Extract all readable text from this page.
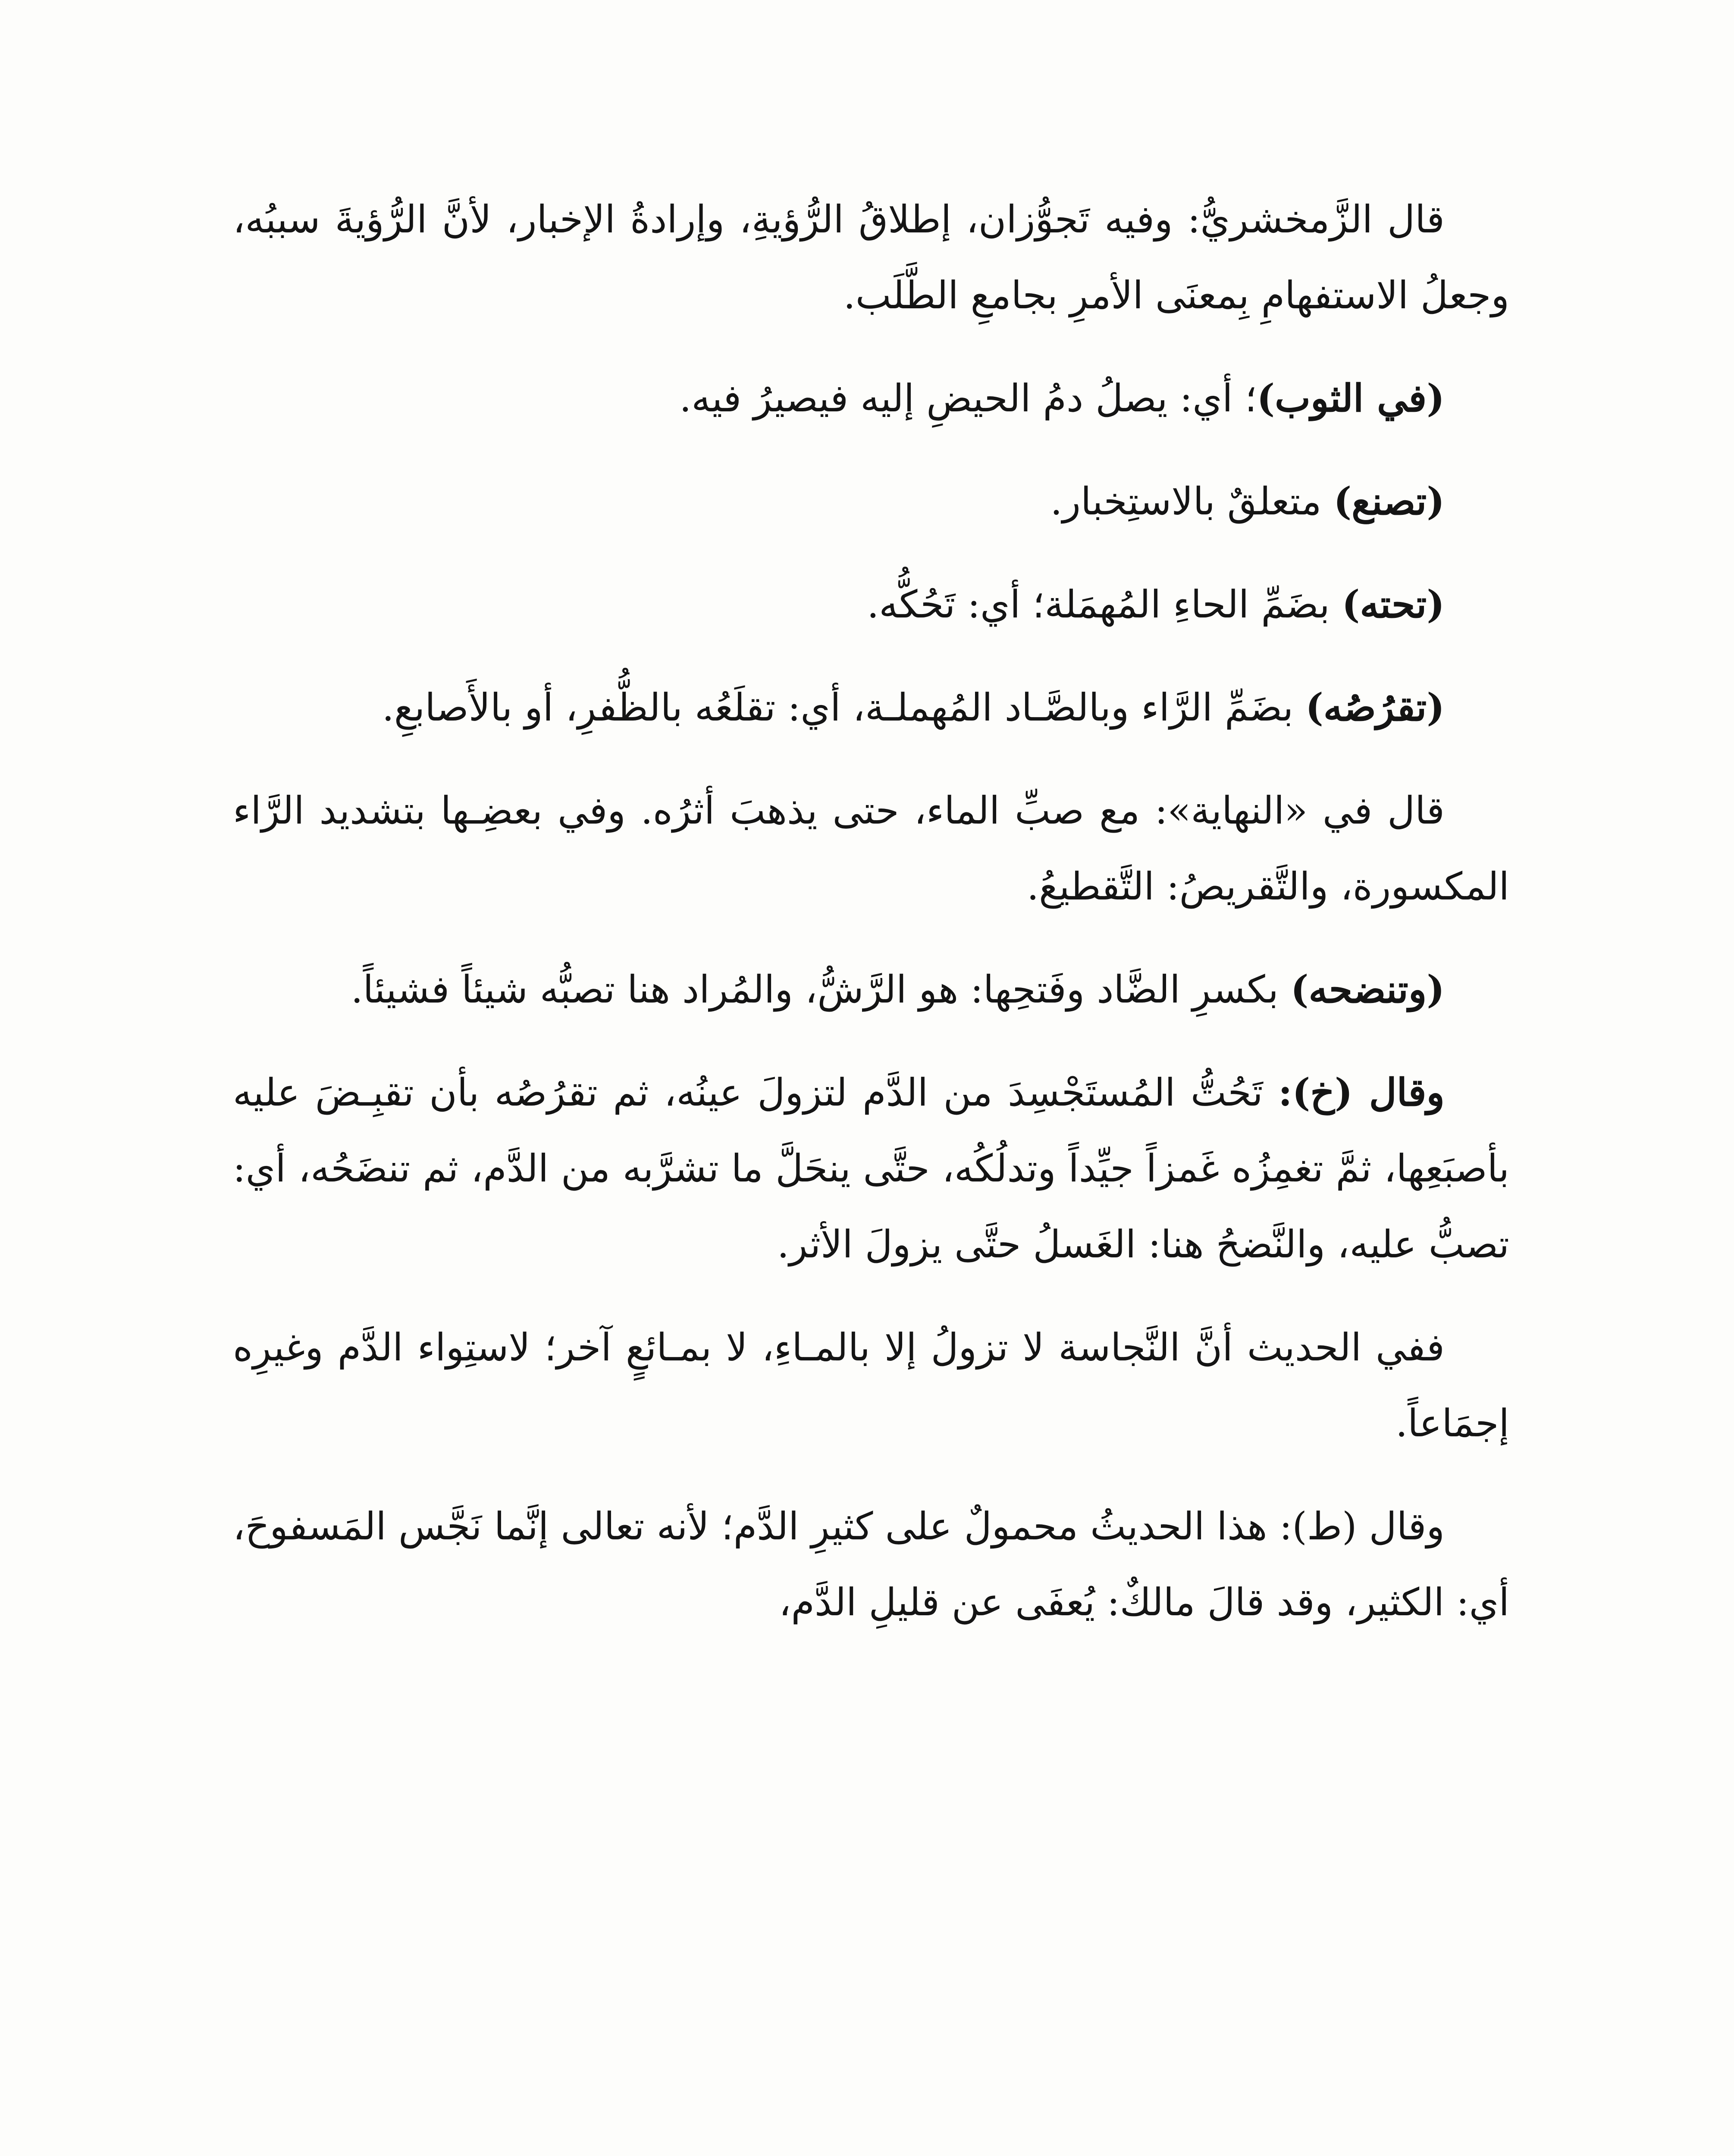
قال الزَّمخشريُّ: وفيه تَجوُّزان، إطلاقُ الرُّؤيةِ، وإرادةُ الإخبار، لأنَّ الرُّؤيةَ سببُه، وجعلُ الاستفهامِ بِمعنَى الأمرِ بجامعِ الطَّلَب.

(في الثوب)؛ أي: يصلُ دمُ الحيضِ إليه فيصيرُ فيه.

(تصنع) متعلقٌ بالاستِخبار.

(تحته) بضَمِّ الحاءِ المُهمَلة؛ أي: تَحُكُّه.

(تقرُصُه) بضَمِّ الرَّاء وبالصَّـاد المُهملـة، أي: تقلَعُه بالظُّفرِ، أو بالأَصابعِ.

قال في «النهاية»: مع صبِّ الماء، حتى يذهبَ أثرُه. وفي بعضِـها بتشديد الرَّاء المكسورة، والتَّقريصُ: التَّقطيعُ.

(وتنضحه) بكسرِ الضَّاد وفَتحِها: هو الرَّشُّ، والمُراد هنا تصبُّه شيئاً فشيئاً.

وقال (خ): تَحُتُّ المُستَجْسِدَ من الدَّم لتزولَ عينُه، ثم تقرُصُه بأن تقبِـضَ عليه بأصبَعِها، ثمَّ تغمِزُه غَمزاً جيِّداً وتدلُكُه، حتَّى ينحَلَّ ما تشرَّبه من الدَّم، ثم تنضَحُه، أي: تصبُّ عليه، والنَّضحُ هنا: الغَسلُ حتَّى يزولَ الأثر.

ففي الحديث أنَّ النَّجاسة لا تزولُ إلا بالمـاءِ، لا بمـائعٍ آخر؛ لاستِواء الدَّم وغيرِه إجمَاعاً.

وقال (ط): هذا الحديثُ محمولٌ على كثيرِ الدَّم؛ لأنه تعالى إنَّما نَجَّس المَسفوحَ، أي: الكثير، وقد قالَ مالكٌ: يُعفَى عن قليلِ الدَّم،
